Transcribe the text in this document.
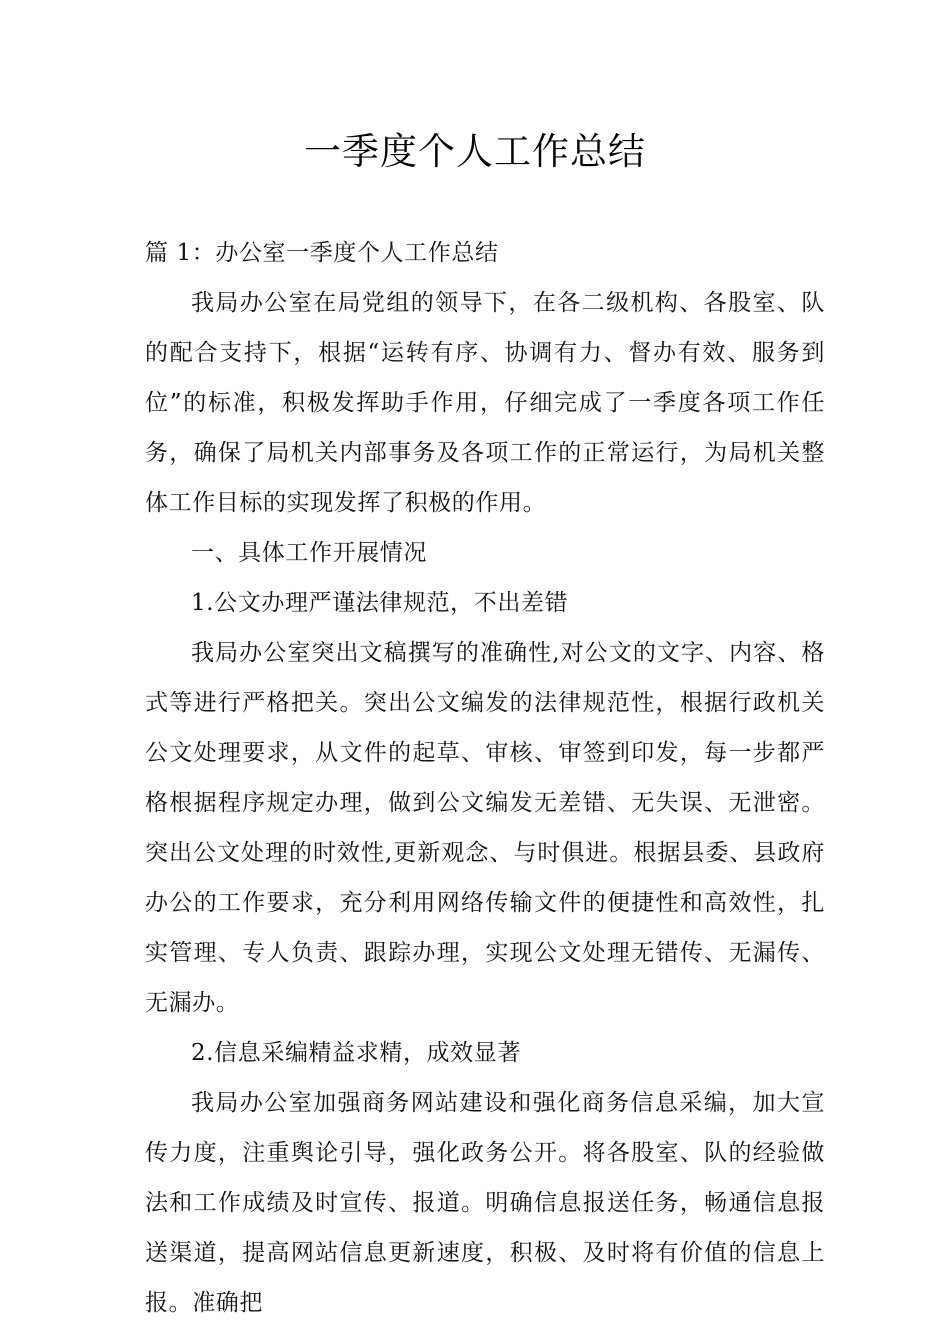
一季度个人工作总结

篇 1：办公室一季度个人工作总结

我局办公室在局党组的领导下，在各二级机构、各股室、队的配合支持下，根据“运转有序、协调有力、督办有效、服务到位”的标准，积极发挥助手作用，仔细完成了一季度各项工作任务，确保了局机关内部事务及各项工作的正常运行，为局机关整体工作目标的实现发挥了积极的作用。

一、具体工作开展情况

1.公文办理严谨法律规范，不出差错

我局办公室突出文稿撰写的准确性,对公文的文字、内容、格式等进行严格把关。突出公文编发的法律规范性，根据行政机关公文处理要求，从文件的起草、审核、审签到印发，每一步都严格根据程序规定办理，做到公文编发无差错、无失误、无泄密。突出公文处理的时效性,更新观念、与时俱进。根据县委、县政府办公的工作要求，充分利用网络传输文件的便捷性和高效性，扎实管理、专人负责、跟踪办理，实现公文处理无错传、无漏传、无漏办。

2.信息采编精益求精，成效显著

我局办公室加强商务网站建设和强化商务信息采编，加大宣传力度，注重舆论引导，强化政务公开。将各股室、队的经验做法和工作成绩及时宣传、报道。明确信息报送任务，畅通信息报送渠道，提高网站信息更新速度，积极、及时将有价值的信息上报。准确把
